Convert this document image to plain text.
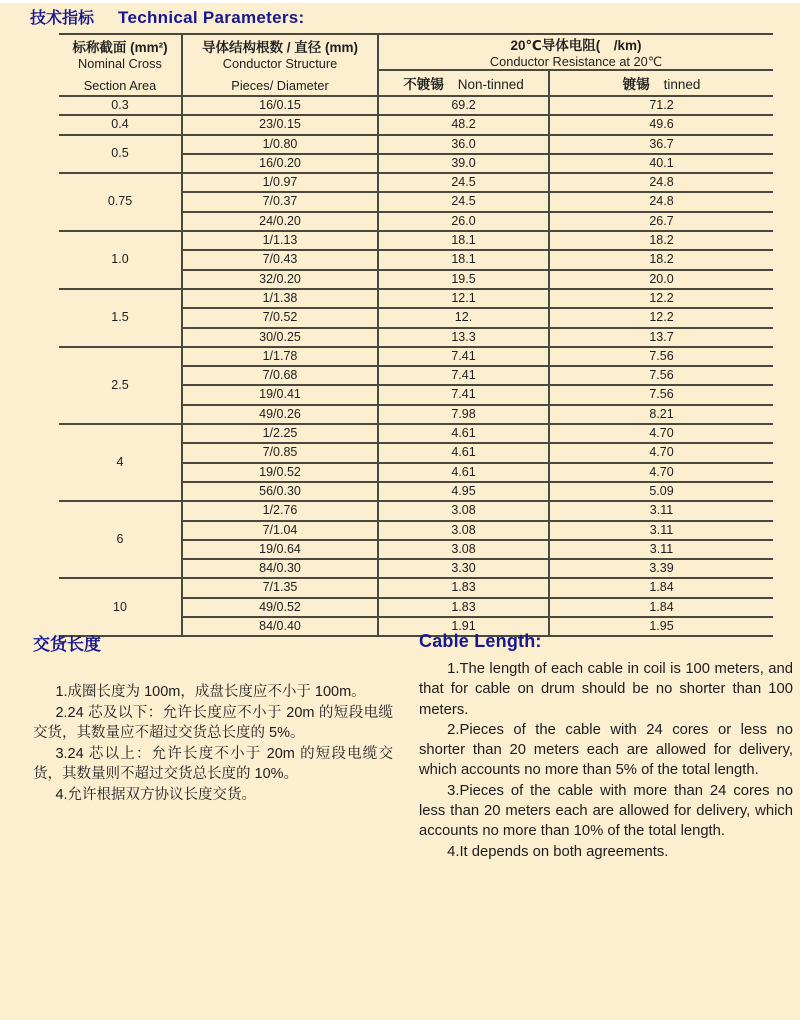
技术指标 Technical Parameters:
标称截面 (mm²)
Nominal Cross
Section Area

导体结构根数 / 直径 (mm)
Conductor Structure
Pieces/ Diameter

20℃导体电阻(　/km)
Conductor Resistance at 20℃

		不镀锡 Non-tinned	镀锡 tinned
0.3	16/0.15	69.2	71.2
0.4	23/0.15	48.2	49.6
0.5	1/0.80	36.0	36.7
	16/0.20	39.0	40.1
0.75	1/0.97	24.5	24.8
	7/0.37	24.5	24.8
	24/0.20	26.0	26.7
1.0	1/1.13	18.1	18.2
	7/0.43	18.1	18.2
	32/0.20	19.5	20.0
1.5	1/1.38	12.1	12.2
	7/0.52	12.	12.2
	30/0.25	13.3	13.7
2.5	1/1.78	7.41	7.56
	7/0.68	7.41	7.56
	19/0.41	7.41	7.56
	49/0.26	7.98	8.21
4	1/2.25	4.61	4.70
	7/0.85	4.61	4.70
	19/0.52	4.61	4.70
	56/0.30	4.95	5.09
6	1/2.76	3.08	3.11
	7/1.04	3.08	3.11
	19/0.64	3.08	3.11
	84/0.30	3.30	3.39
10	7/1.35	1.83	1.84
	49/0.52	1.83	1.84
	84/0.40	1.91	1.95
交货长度

1.成圈长度为 100m，成盘长度应不小于 100m。

2.24 芯及以下：允许长度应不小于 20m 的短段电缆交货，其数量应不超过交货总长度的 5%。

3.24 芯以上：允许长度不小于 20m 的短段电缆交货，其数量则不超过交货总长度的 10%。

4.允许根据双方协议长度交货。

Cable Length:

1.The length of each cable in coil is 100 meters, and that for cable on drum should be no shorter than 100 meters.

2.Pieces of the cable with 24 cores or less no shorter than 20 meters each are allowed for delivery, which accounts no more than 5% of the total length.

3.Pieces of the cable with more than 24 cores no less than 20 meters each are allowed for delivery, which accounts no more than 10% of the total length.

4.It depends on both agreements.
